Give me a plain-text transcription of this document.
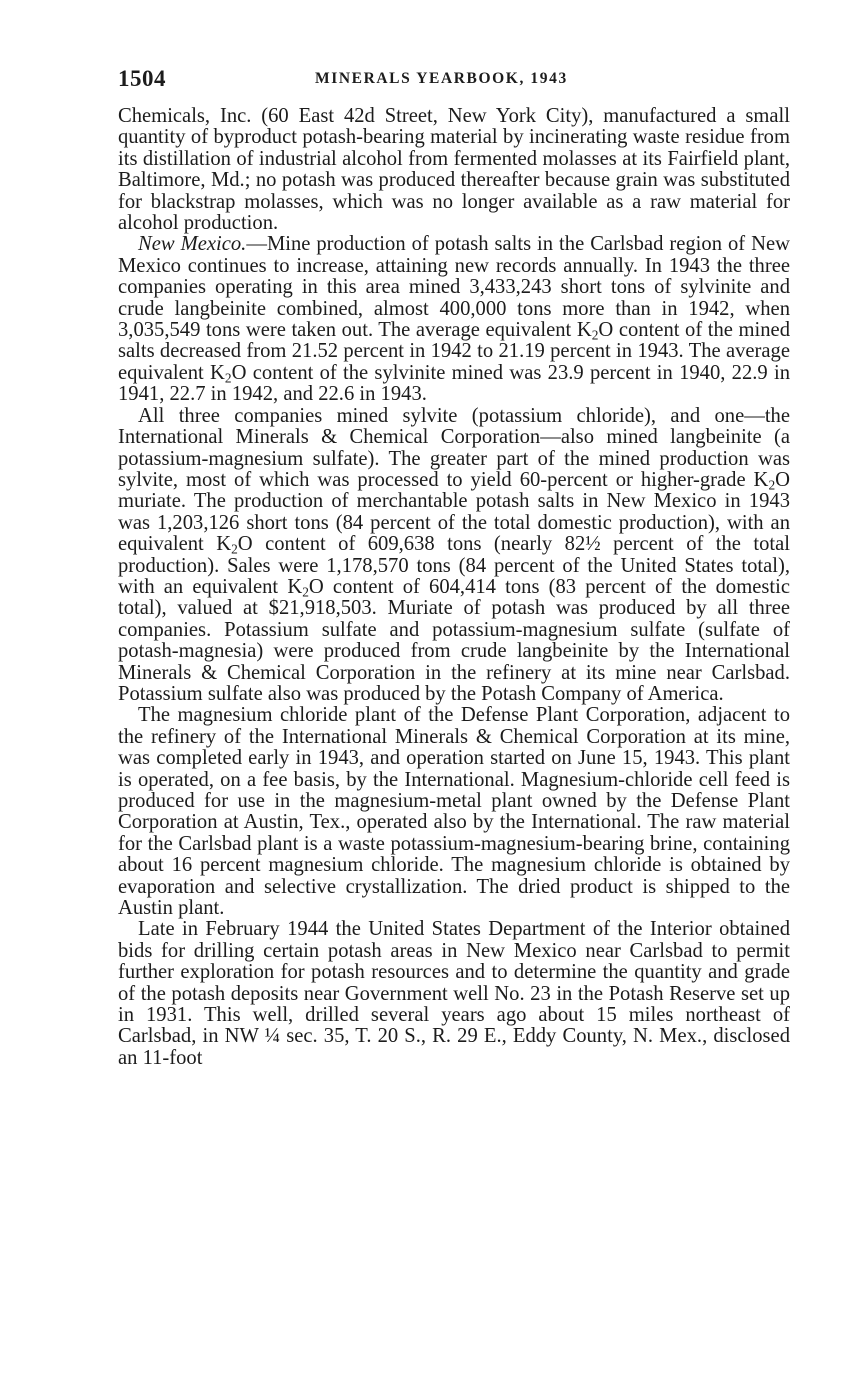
1504	MINERALS YEARBOOK, 1943

Chemicals, Inc. (60 East 42d Street, New York City), manufactured a small quantity of byproduct potash-bearing material by incinerating waste residue from its distillation of industrial alcohol from fermented molasses at its Fairfield plant, Baltimore, Md.; no potash was produced thereafter because grain was substituted for blackstrap molasses, which was no longer available as a raw material for alcohol production.

New Mexico.—Mine production of potash salts in the Carlsbad region of New Mexico continues to increase, attaining new records annually. In 1943 the three companies operating in this area mined 3,433,243 short tons of sylvinite and crude langbeinite combined, almost 400,000 tons more than in 1942, when 3,035,549 tons were taken out. The average equivalent $K_2O$ content of the mined salts decreased from 21.52 percent in 1942 to 21.19 percent in 1943. The average equivalent $K_2O$ content of the sylvinite mined was 23.9 percent in 1940, 22.9 in 1941, 22.7 in 1942, and 22.6 in 1943.

All three companies mined sylvite (potassium chloride), and one—the International Minerals & Chemical Corporation—also mined langbeinite (a potassium-magnesium sulfate). The greater part of the mined production was sylvite, most of which was processed to yield 60-percent or higher-grade $K_2O$ muriate. The production of merchantable potash salts in New Mexico in 1943 was 1,203,126 short tons (84 percent of the total domestic production), with an equivalent $K_2O$ content of 609,638 tons (nearly 82½ percent of the total production). Sales were 1,178,570 tons (84 percent of the United States total), with an equivalent $K_2O$ content of 604,414 tons (83 percent of the domestic total), valued at $21,918,503. Muriate of potash was produced by all three companies. Potassium sulfate and potassium-magnesium sulfate (sulfate of potash-magnesia) were produced from crude langbeinite by the International Minerals & Chemical Corporation in the refinery at its mine near Carlsbad. Potassium sulfate also was produced by the Potash Company of America.

The magnesium chloride plant of the Defense Plant Corporation, adjacent to the refinery of the International Minerals & Chemical Corporation at its mine, was completed early in 1943, and operation started on June 15, 1943. This plant is operated, on a fee basis, by the International. Magnesium-chloride cell feed is produced for use in the magnesium-metal plant owned by the Defense Plant Corporation at Austin, Tex., operated also by the International. The raw material for the Carlsbad plant is a waste potassium-magnesium-bearing brine, containing about 16 percent magnesium chloride. The magnesium chloride is obtained by evaporation and selective crystallization. The dried product is shipped to the Austin plant.

Late in February 1944 the United States Department of the Interior obtained bids for drilling certain potash areas in New Mexico near Carlsbad to permit further exploration for potash resources and to determine the quantity and grade of the potash deposits near Government well No. 23 in the Potash Reserve set up in 1931. This well, drilled several years ago about 15 miles northeast of Carlsbad, in NW ¼ sec. 35, T. 20 S., R. 29 E., Eddy County, N. Mex., disclosed an 11-foot
